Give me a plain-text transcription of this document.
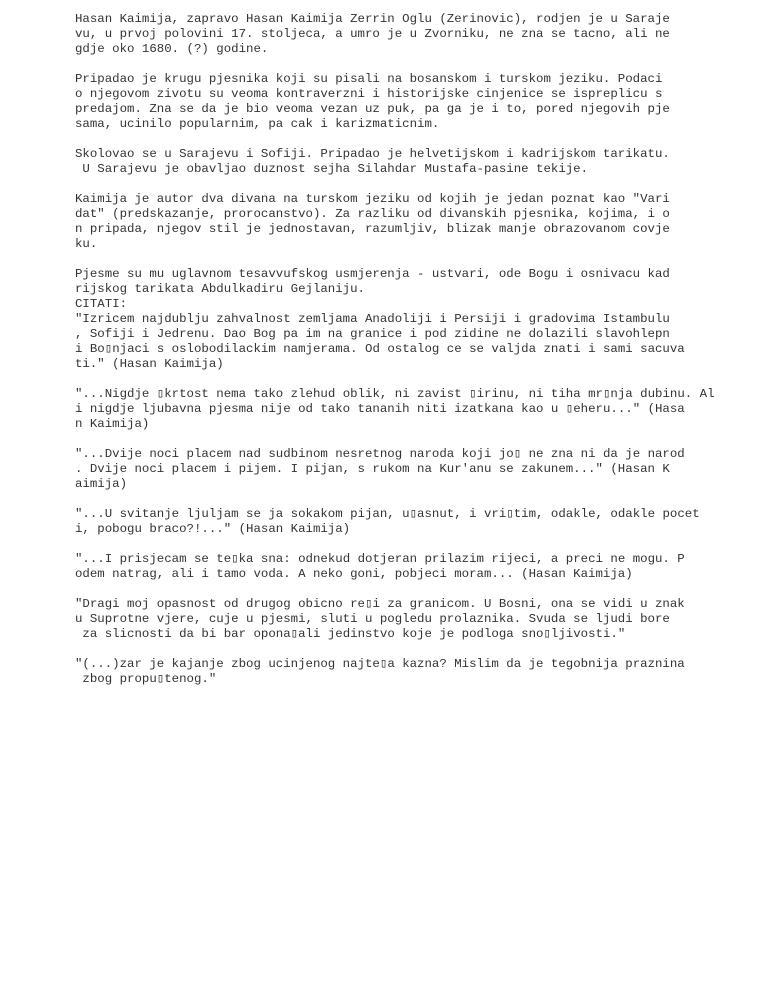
Hasan Kaimija, zapravo Hasan Kaimija Zerrin Oglu (Zerinovic), rodjen je u Saraje
vu, u prvoj polovini 17. stoljeca, a umro je u Zvorniku, ne zna se tacno, ali ne
gdje oko 1680. (?) godine.

Pripadao je krugu pjesnika koji su pisali na bosanskom i turskom jeziku. Podaci
o njegovom zivotu su veoma kontraverzni i historijske cinjenice se ispreplicu s
predajom. Zna se da je bio veoma vezan uz puk, pa ga je i to, pored njegovih pje
sama, ucinilo popularnim, pa cak i karizmaticnim.

Skolovao se u Sarajevu i Sofiji. Pripadao je helvetijskom i kadrijskom tarikatu.
U Sarajevu je obavljao duznost sejha Silahdar Mustafa-pasine tekije.

Kaimija je autor dva divana na turskom jeziku od kojih je jedan poznat kao "Vari
dat" (predskazanje, prorocanstvo). Za razliku od divanskih pjesnika, kojima, i o
n pripada, njegov stil je jednostavan, razumljiv, blizak manje obrazovanom covje
ku.

Pjesme su mu uglavnom tesavvufskog usmjerenja - ustvari, ode Bogu i osnivacu kad
rijskog tarikata Abdulkadiru Gejlaniju.
CITATI:
"Izricem najdublju zahvalnost zemljama Anadoliji i Persiji i gradovima Istambulu
, Sofiji i Jedrenu. Dao Bog pa im na granice i pod zidine ne dolazili slavohlepn
i Bo▯njaci s oslobodilackim namjerama. Od ostalog ce se valjda znati i sami sacuva
ti." (Hasan Kaimija)

"...Nigdje ▯krtost nema tako zlehud oblik, ni zavist ▯irinu, ni tiha mr▯nja dubinu. Al
i nigdje ljubavna pjesma nije od tako tananih niti izatkana kao u ▯eheru..." (Hasa
n Kaimija)

"...Dvije noci placem nad sudbinom nesretnog naroda koji jo▯ ne zna ni da je narod
. Dvije noci placem i pijem. I pijan, s rukom na Kur'anu se zakunem..." (Hasan K
aimija)

"...U svitanje ljuljam se ja sokakom pijan, u▯asnut, i vri▯tim, odakle, odakle pocet
i, pobogu braco?!..." (Hasan Kaimija)

"...I prisjecam se te▯ka sna: odnekud dotjeran prilazim rijeci, a preci ne mogu. P
odem natrag, ali i tamo voda. A neko goni, pobjeci moram... (Hasan Kaimija)

"Dragi moj opasnost od drugog obicno re▯i za granicom. U Bosni, ona se vidi u znak
u Suprotne vjere, cuje u pjesmi, sluti u pogledu prolaznika. Svuda se ljudi bore
za slicnosti da bi bar opona▯ali jedinstvo koje je podloga sno▯ljivosti."

"(...)zar je kajanje zbog ucinjenog najte▯a kazna? Mislim da je tegobnija praznina
zbog propu▯tenog."
